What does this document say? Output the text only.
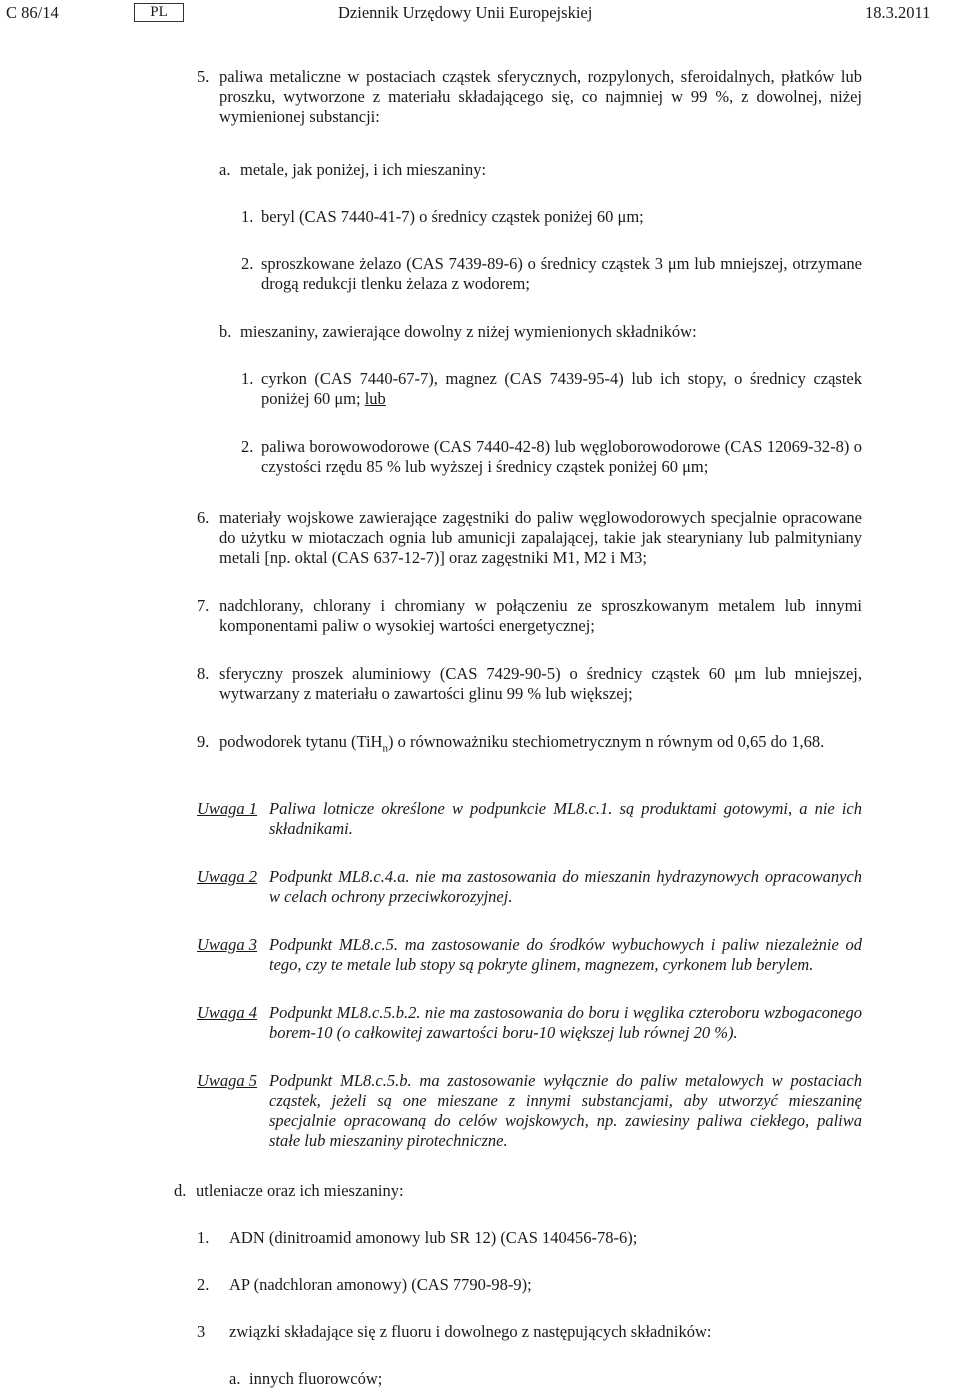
C 86/14	PL	Dziennik Urzędowy Unii Europejskiej	18.3.2011
5. paliwa metaliczne w postaciach cząstek sferycznych, rozpylonych, sferoidalnych, płatków lub proszku, wytworzone z materiału składającego się, co najmniej w 99 %, z dowolnej, niżej wymienionej substancji:
a. metale, jak poniżej, i ich mieszaniny:
1. beryl (CAS 7440-41-7) o średnicy cząstek poniżej 60 μm;
2. sproszkowane żelazo (CAS 7439-89-6) o średnicy cząstek 3 μm lub mniejszej, otrzymane drogą redukcji tlenku żelaza z wodorem;
b. mieszaniny, zawierające dowolny z niżej wymienionych składników:
1. cyrkon (CAS 7440-67-7), magnez (CAS 7439-95-4) lub ich stopy, o średnicy cząstek poniżej 60 μm; lub
2. paliwa borowowodorowe (CAS 7440-42-8) lub węgloborowodorowe (CAS 12069-32-8) o czystości rzędu 85 % lub wyższej i średnicy cząstek poniżej 60 μm;
6. materiały wojskowe zawierające zagęstniki do paliw węglowodorowych specjalnie opracowane do użytku w miotaczach ognia lub amunicji zapalającej, takie jak stearyniany lub palmityniany metali [np. oktal (CAS 637-12-7)] oraz zagęstniki M1, M2 i M3;
7. nadchlorany, chlorany i chromiany w połączeniu ze sproszkowanym metalem lub innymi komponentami paliw o wysokiej wartości energetycznej;
8. sferyczny proszek aluminiowy (CAS 7429-90-5) o średnicy cząstek 60 μm lub mniejszej, wytwarzany z materiału o zawartości glinu 99 % lub większej;
9. podwodorek tytanu (TiH$_n$) o równoważniku stechiometrycznym n równym od 0,65 do 1,68.
Uwaga 1 Paliwa lotnicze określone w podpunkcie ML8.c.1. są produktami gotowymi, a nie ich składnikami.
Uwaga 2 Podpunkt ML8.c.4.a. nie ma zastosowania do mieszanin hydrazynowych opracowanych w celach ochrony przeciwkorozyjnej.
Uwaga 3 Podpunkt ML8.c.5. ma zastosowanie do środków wybuchowych i paliw niezależnie od tego, czy te metale lub stopy są pokryte glinem, magnezem, cyrkonem lub berylem.
Uwaga 4 Podpunkt ML8.c.5.b.2. nie ma zastosowania do boru i węglika czteroboru wzbogaconego borem-10 (o całkowitej zawartości boru-10 większej lub równej 20 %).
Uwaga 5 Podpunkt ML8.c.5.b. ma zastosowanie wyłącznie do paliw metalowych w postaciach cząstek, jeżeli są one mieszane z innymi substancjami, aby utworzyć mieszaninę specjalnie opracowaną do celów wojskowych, np. zawiesiny paliwa ciekłego, paliwa stałe lub mieszaniny pirotechniczne.
d. utleniacze oraz ich mieszaniny:
1.	ADN (dinitroamid amonowy lub SR 12) (CAS 140456-78-6);
2.	AP (nadchloran amonowy) (CAS 7790-98-9);
3	związki składające się z fluoru i dowolnego z następujących składników:
a. innych fluorowców;
